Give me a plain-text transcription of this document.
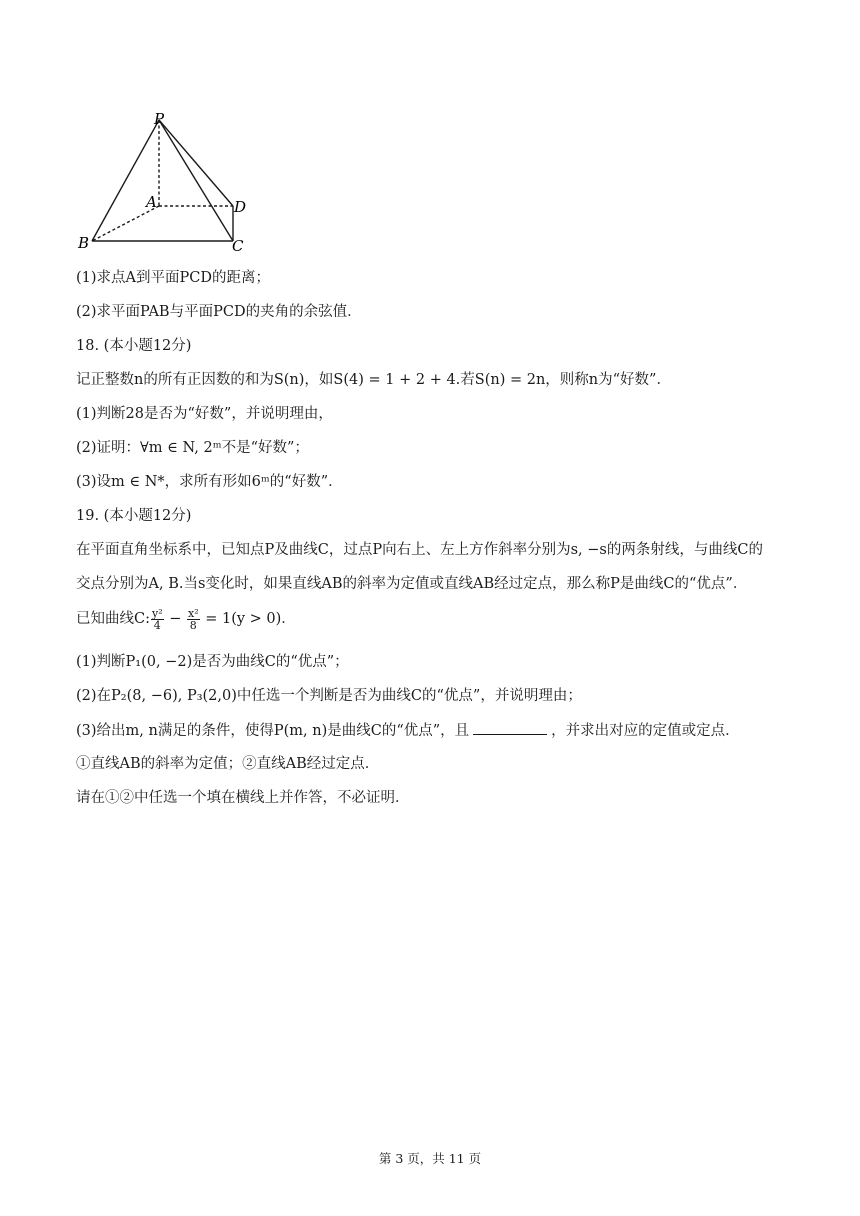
P
A	D
B	C
(1)求点A到平面PCD的距离；
(2)求平面PAB与平面PCD的夹角的余弦值．
18. (本小题12分)
记正整数n的所有正因数的和为S(n)，如S(4) = 1 + 2 + 4.若S(n) = 2n，则称n为“好数”．
(1)判断28是否为“好数”，并说明理由，
(2)证明：∀m ∈ N, 2ᵐ不是“好数”；
(3)设m ∈ N*，求所有形如6ᵐ的“好数”．
19. (本小题12分)
在平面直角坐标系中，已知点P及曲线C，过点P向右上、左上方作斜率分别为s, −s的两条射线，与曲线C的
交点分别为A, B.当s变化时，如果直线AB的斜率为定值或直线AB经过定点，那么称P是曲线C的“优点”．
已知曲线C: $\frac{\text{y²}}{4} - \frac{\text{x²}}{8} = 1(y > 0)$．
(1)判断P₁(0, −2)是否为曲线C的“优点”；
(2)在P₂(8, −6), P₃(2,0)中任选一个判断是否为曲线C的“优点”，并说明理由；
(3)给出m, n满足的条件，使得P(m, n)是曲线C的“优点”，且	，并求出对应的定值或定点．
①直线AB的斜率为定值；②直线AB经过定点．
请在①②中任选一个填在横线上并作答，不必证明．
第 3 页，共 11 页
